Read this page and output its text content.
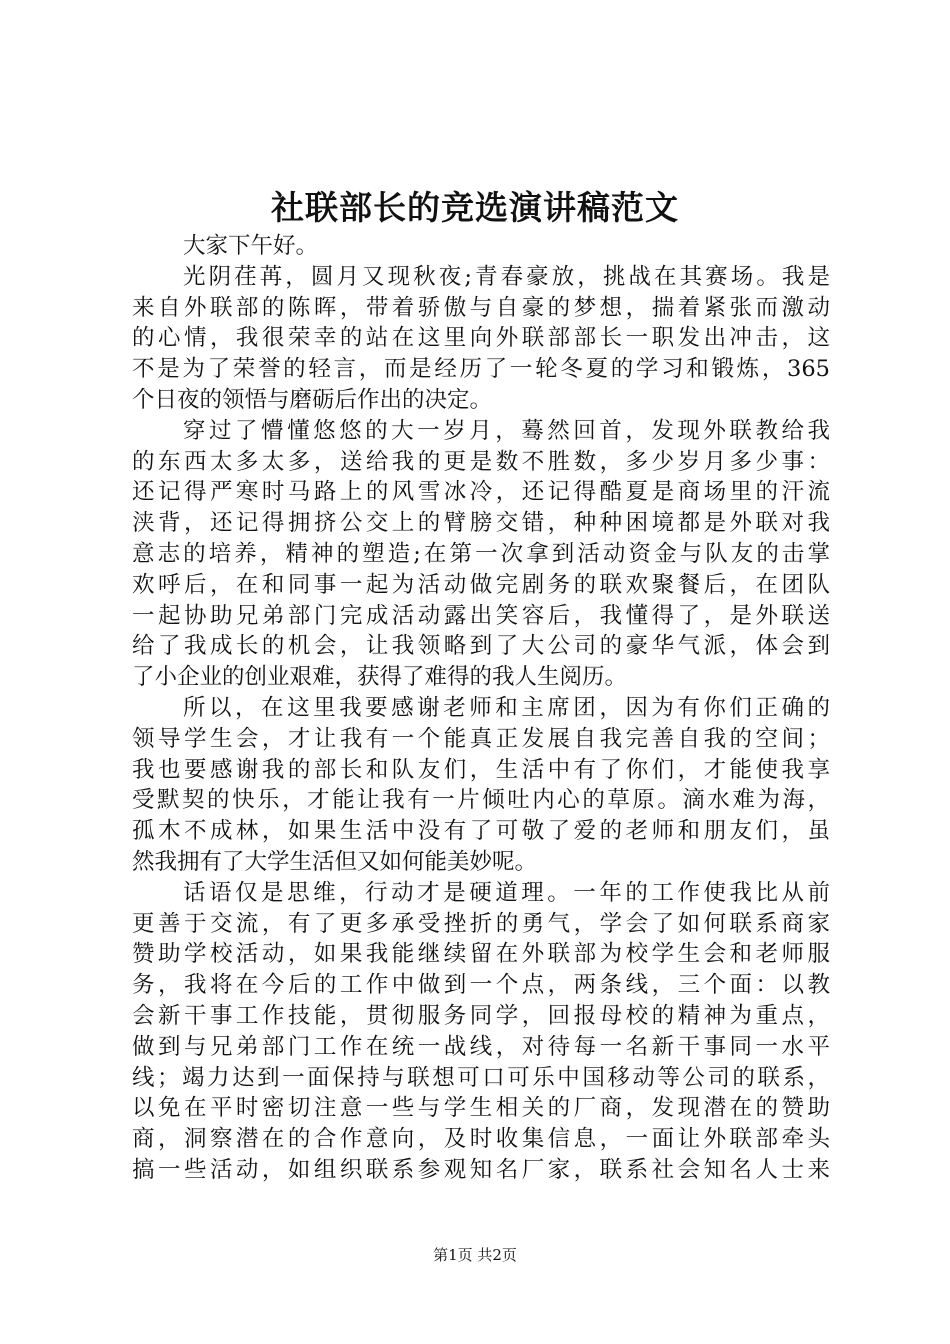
社联部长的竞选演讲稿范文
大家下午好。
光阴荏苒，圆月又现秋夜;青春豪放，挑战在其赛场。我是
来自外联部的陈晖，带着骄傲与自豪的梦想，揣着紧张而激动
的心情，我很荣幸的站在这里向外联部部长一职发出冲击，这
不是为了荣誉的轻言，而是经历了一轮冬夏的学习和锻炼，365
个日夜的领悟与磨砺后作出的决定。
穿过了懵懂悠悠的大一岁月，蓦然回首，发现外联教给我
的东西太多太多，送给我的更是数不胜数，多少岁月多少事：
还记得严寒时马路上的风雪冰冷，还记得酷夏是商场里的汗流
浃背，还记得拥挤公交上的臂膀交错，种种困境都是外联对我
意志的培养，精神的塑造;在第一次拿到活动资金与队友的击掌
欢呼后，在和同事一起为活动做完剧务的联欢聚餐后，在团队
一起协助兄弟部门完成活动露出笑容后，我懂得了，是外联送
给了我成长的机会，让我领略到了大公司的豪华气派，体会到
了小企业的创业艰难，获得了难得的我人生阅历。
所以，在这里我要感谢老师和主席团，因为有你们正确的
领导学生会，才让我有一个能真正发展自我完善自我的空间；
我也要感谢我的部长和队友们，生活中有了你们，才能使我享
受默契的快乐，才能让我有一片倾吐内心的草原。滴水难为海，
孤木不成林，如果生活中没有了可敬了爱的老师和朋友们，虽
然我拥有了大学生活但又如何能美妙呢。
话语仅是思维，行动才是硬道理。一年的工作使我比从前
更善于交流，有了更多承受挫折的勇气，学会了如何联系商家
赞助学校活动，如果我能继续留在外联部为校学生会和老师服
务，我将在今后的工作中做到一个点，两条线，三个面：以教
会新干事工作技能，贯彻服务同学，回报母校的精神为重点，
做到与兄弟部门工作在统一战线，对待每一名新干事同一水平
线；竭力达到一面保持与联想可口可乐中国移动等公司的联系，
以免在平时密切注意一些与学生相关的厂商，发现潜在的赞助
商，洞察潜在的合作意向，及时收集信息，一面让外联部牵头
搞一些活动，如组织联系参观知名厂家，联系社会知名人士来
第1页 共2页
